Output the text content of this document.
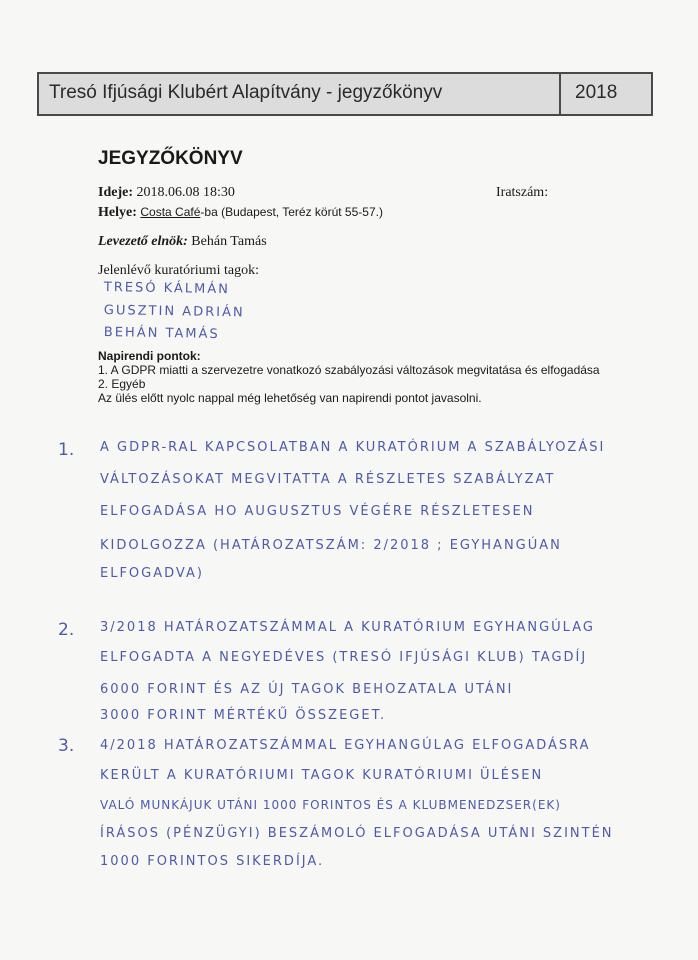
Tresó Ifjúsági Klubért Alapítvány - jegyzőkönyv	2018
JEGYZŐKÖNYV
Ideje: 2018.06.08 18:30	Iratszám:
Helye: Costa Café-ba (Budapest, Teréz körút 55-57.)
Levezető elnök: Behán Tamás
Jelenlévő kuratóriumi tagok:
TRESÓ KÁLMÁN
GUSZTIN ADRIÁN
BEHÁN TAMÁS
Napirendi pontok:
1. A GDPR miatti a szervezetre vonatkozó szabályozási változások megvitatása és elfogadása
2. Egyéb
Az ülés előtt nyolc nappal még lehetőség van napirendi pontot javasolni.
1. A GDPR-RAL KAPCSOLATBAN A KURATÓRIUM A SZABÁLYOZÁSI
VÁLTOZÁSOKAT MEGVITATTA A RÉSZLETES SZABÁLYZAT
ELFOGADÁSA HO AUGUSZTUS VÉGÉRE RÉSZLETESEN
KIDOLGOZZA (HATÁROZATSZÁM: 2/2018 ; EGYHANGÚAN
ELFOGADVA)
2. 3/2018 HATÁROZATSZÁMMAL A KURATÓRIUM EGYHANGÚLAG
ELFOGADTA A NEGYEDÉVES (TRESÓ IFJÚSÁGI KLUB) TAGDÍJ
6000 FORINT ÉS AZ ÚJ TAGOK BEHOZATALA UTÁNI
3000 FORINT MÉRTÉKŰ ÖSSZEGET.
3. 4/2018 HATÁROZATSZÁMMAL EGYHANGÚLAG ELFOGADÁSRA
KERÜLT A KURATÓRIUMI TAGOK KURATÓRIUMI ÜLÉSEN
VALÓ MUNKÁJUK UTÁNI 1000 FORINTOS ÉS A KLUBMENEDZSER(EK)
ÍRÁSOS (PÉNZÜGYI) BESZÁMOLÓ ELFOGADÁSA UTÁNI SZINTÉN
1000 FORINTOS SIKERDÍJA.
